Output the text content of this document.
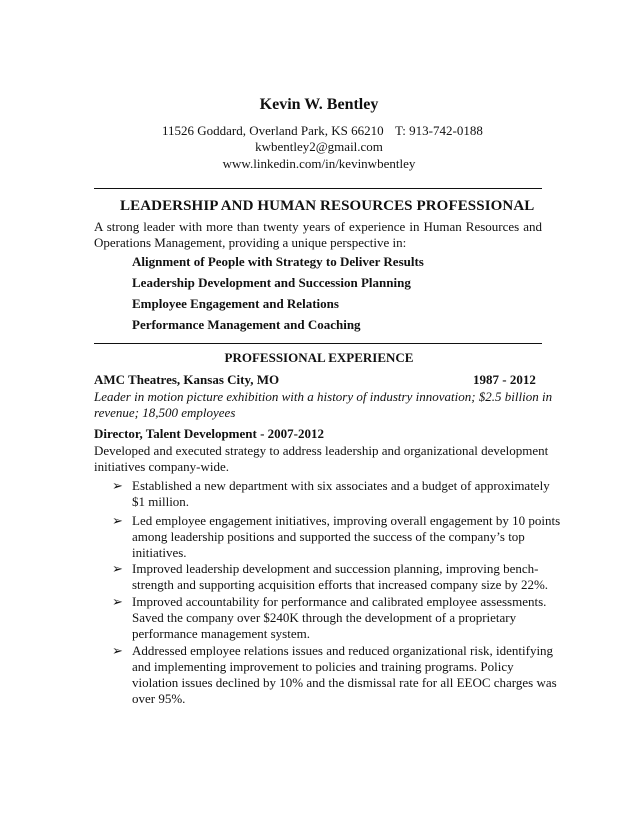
Kevin W. Bentley
11526 Goddard, Overland Park, KS 66210 T: 913-742-0188
kwbentley2@gmail.com
www.linkedin.com/in/kevinwbentley
LEADERSHIP AND HUMAN RESOURCES PROFESSIONAL
A strong leader with more than twenty years of experience in Human Resources and
Operations Management, providing a unique perspective in:
Alignment of People with Strategy to Deliver Results
Leadership Development and Succession Planning
Employee Engagement and Relations
Performance Management and Coaching
PROFESSIONAL EXPERIENCE
AMC Theatres, Kansas City, MO	1987 - 2012
Leader in motion picture exhibition with a history of industry innovation; $2.5 billion in
revenue; 18,500 employees
Director, Talent Development - 2007-2012
Developed and executed strategy to address leadership and organizational development
initiatives company-wide.
➢ Established a new department with six associates and a budget of approximately
$1 million.
➢ Led employee engagement initiatives, improving overall engagement by 10 points
among leadership positions and supported the success of the company’s top
initiatives.
➢ Improved leadership development and succession planning, improving bench-
strength and supporting acquisition efforts that increased company size by 22%.
➢ Improved accountability for performance and calibrated employee assessments.
Saved the company over $240K through the development of a proprietary
performance management system.
➢ Addressed employee relations issues and reduced organizational risk, identifying
and implementing improvement to policies and training programs. Policy
violation issues declined by 10% and the dismissal rate for all EEOC charges was
over 95%.
